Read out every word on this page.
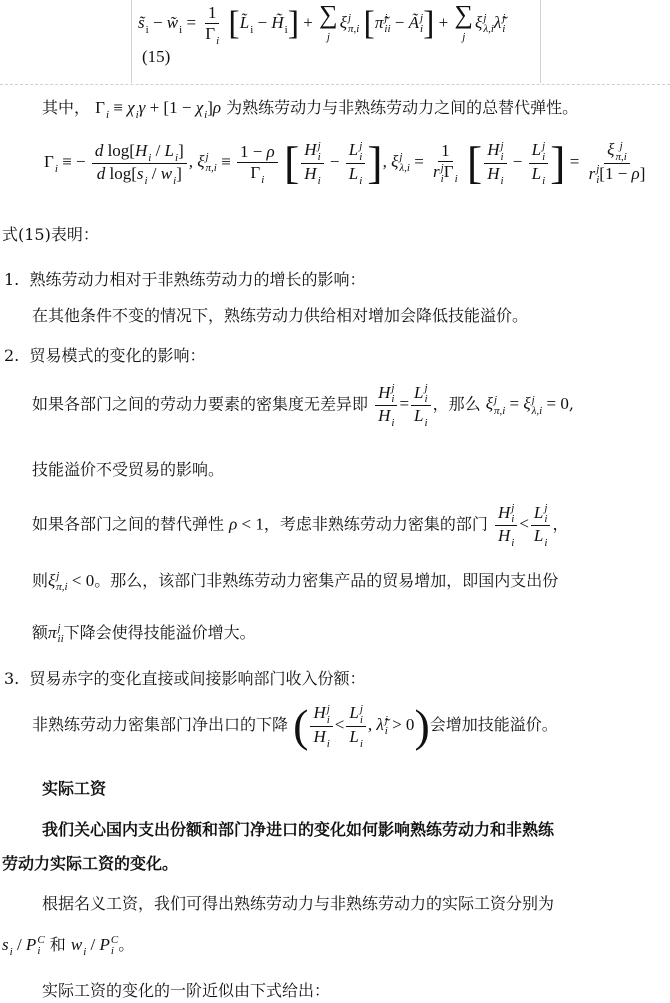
$s̃_i$ − $w̃_i = \frac{1}{\Gamma_i}$ [$L̃_i$ − $H̃_i$] + ∑
j
ξ j
π,i [π̃ j
ii − Ã j
i ] + ∑
j
ξ j
λ,i λ̃ j
i
(15)
其中， $\Gamma_i \equiv \chi_i\gamma + [1 - \chi_i]\rho$ 为熟练劳动力与非熟练劳动力之间的总替代弹性。
$\Gamma_i$ ≡ − $\frac{d \log[H_i / L_i]}{d \log[s_i / w_i]}$ , ξ j
$\pi,i \equiv \frac{1 - \rho}{\Gamma_i}$ [ H j
i
$H_i - L$ j
i
$L_i$ ], ξ j
λ,i = 1
r j
i $\Gamma_i$ [ H j
i
$H_i - L$ j
i
$L_i$ ] = ξ j
π,i
r j
i [1 − ρ]
式(15)表明：
1. 熟练劳动力相对于非熟练劳动力的增长的影响：
在其他条件不变的情况下，熟练劳动力供给相对增加会降低技能溢价。
2. 贸易模式的变化的影响：
如果各部门之间的劳动力要素的密集度无差异即 H j
i
$H_i = L$ j
i
$L_i$ ，那么 ξ j
π,i = ξ j
λ,i = 0,
技能溢价不受贸易的影响。
如果各部门之间的替代弹性 ρ < 1，考虑非熟练劳动力密集的部门 H j
i
$H_i < L$ j
i
$L_i$ ，
则ξ j
π,i < 0。那么，该部门非熟练劳动力密集产品的贸易增加，即国内支出份
额π j
ii 下降会使得技能溢价增大。
3. 贸易赤字的变化直接或间接影响部门收入份额：
非熟练劳动力密集部门净出口的下降 ( H j
i
$H_i < L$ j
i
$L_i$ , λ̃ j
i > 0)会增加技能溢价。
实际工资
我们关心国内支出份额和部门净进口的变化如何影响熟练劳动力和非熟练
劳动力实际工资的变化。
根据名义工资，我们可得出熟练劳动力与非熟练劳动力的实际工资分别为
$s_i$ / P C
i 和 $w_i$ / P C
i 。
实际工资的变化的一阶近似由下式给出：
